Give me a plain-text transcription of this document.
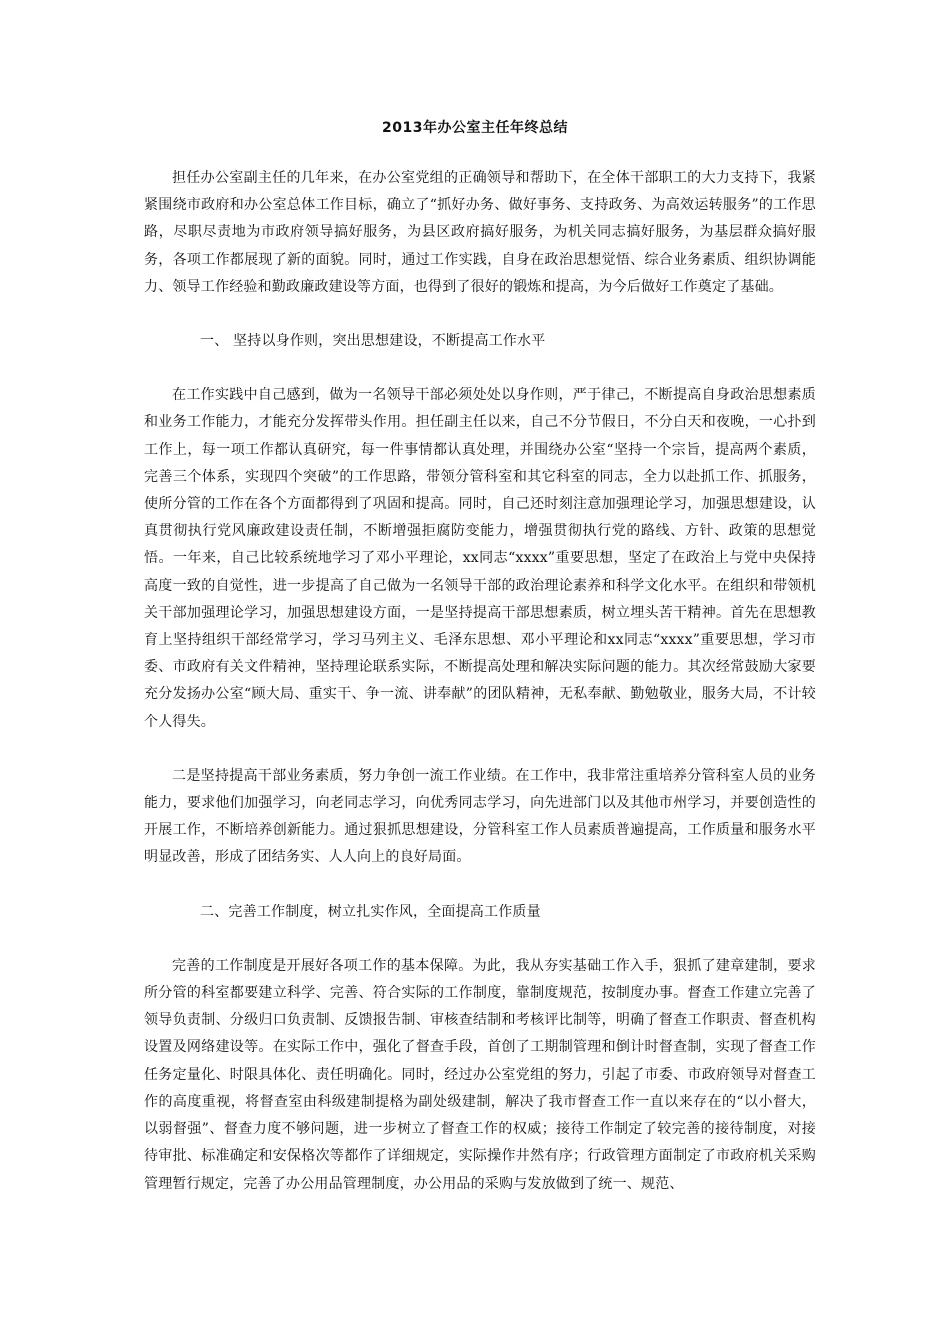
2013年办公室主任年终总结

担任办公室副主任的几年来，在办公室党组的正确领导和帮助下，在全体干部职工的大力支持下，我紧紧围绕市政府和办公室总体工作目标，确立了“抓好办务、做好事务、支持政务、为高效运转服务”的工作思路，尽职尽责地为市政府领导搞好服务，为县区政府搞好服务，为机关同志搞好服务，为基层群众搞好服务，各项工作都展现了新的面貌。同时，通过工作实践，自身在政治思想觉悟、综合业务素质、组织协调能力、领导工作经验和勤政廉政建设等方面，也得到了很好的锻炼和提高，为今后做好工作奠定了基础。

一、 坚持以身作则，突出思想建设，不断提高工作水平

在工作实践中自己感到，做为一名领导干部必须处处以身作则，严于律己，不断提高自身政治思想素质和业务工作能力，才能充分发挥带头作用。担任副主任以来，自己不分节假日，不分白天和夜晚，一心扑到工作上，每一项工作都认真研究，每一件事情都认真处理，并围绕办公室“坚持一个宗旨，提高两个素质，完善三个体系，实现四个突破”的工作思路，带领分管科室和其它科室的同志，全力以赴抓工作、抓服务，使所分管的工作在各个方面都得到了巩固和提高。同时，自己还时刻注意加强理论学习，加强思想建设，认真贯彻执行党风廉政建设责任制，不断增强拒腐防变能力，增强贯彻执行党的路线、方针、政策的思想觉悟。一年来，自己比较系统地学习了邓小平理论，xx同志“xxxx”重要思想，坚定了在政治上与党中央保持高度一致的自觉性，进一步提高了自己做为一名领导干部的政治理论素养和科学文化水平。在组织和带领机关干部加强理论学习，加强思想建设方面，一是坚持提高干部思想素质，树立埋头苦干精神。首先在思想教育上坚持组织干部经常学习，学习马列主义、毛泽东思想、邓小平理论和xx同志“xxxx”重要思想，学习市委、市政府有关文件精神，坚持理论联系实际，不断提高处理和解决实际问题的能力。其次经常鼓励大家要充分发扬办公室“顾大局、重实干、争一流、讲奉献”的团队精神，无私奉献、勤勉敬业，服务大局，不计较个人得失。

二是坚持提高干部业务素质，努力争创一流工作业绩。在工作中，我非常注重培养分管科室人员的业务能力，要求他们加强学习，向老同志学习，向优秀同志学习，向先进部门以及其他市州学习，并要创造性的开展工作，不断培养创新能力。通过狠抓思想建设，分管科室工作人员素质普遍提高，工作质量和服务水平明显改善，形成了团结务实、人人向上的良好局面。

二、完善工作制度，树立扎实作风，全面提高工作质量

完善的工作制度是开展好各项工作的基本保障。为此，我从夯实基础工作入手，狠抓了建章建制，要求所分管的科室都要建立科学、完善、符合实际的工作制度，靠制度规范，按制度办事。督查工作建立完善了领导负责制、分级归口负责制、反馈报告制、审核查结制和考核评比制等，明确了督查工作职责、督查机构设置及网络建设等。在实际工作中，强化了督查手段，首创了工期制管理和倒计时督查制，实现了督查工作任务定量化、时限具体化、责任明确化。同时，经过办公室党组的努力，引起了市委、市政府领导对督查工作的高度重视，将督查室由科级建制提格为副处级建制，解决了我市督查工作一直以来存在的“以小督大，以弱督强”、督查力度不够问题，进一步树立了督查工作的权威；接待工作制定了较完善的接待制度，对接待审批、标准确定和安保格次等都作了详细规定，实际操作井然有序；行政管理方面制定了市政府机关采购管理暂行规定，完善了办公用品管理制度，办公用品的采购与发放做到了统一、规范、
